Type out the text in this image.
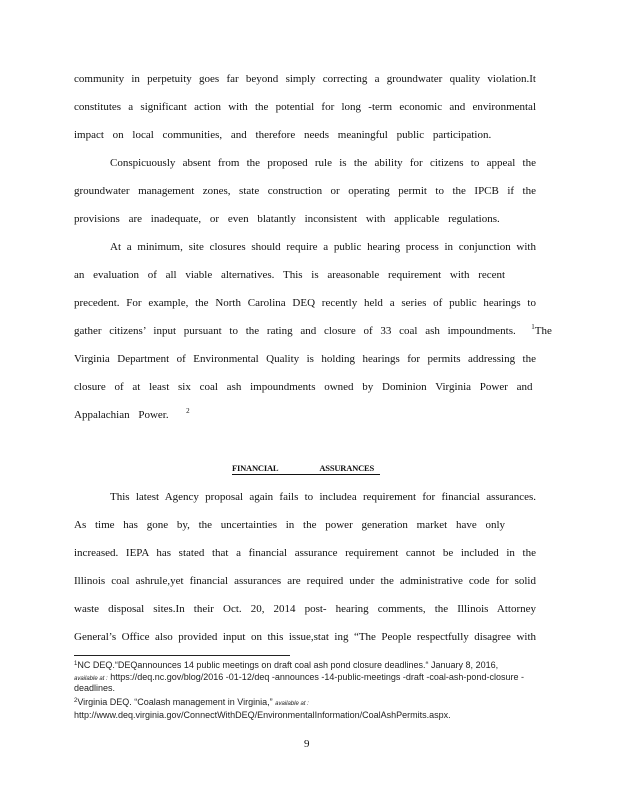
community in perpetuity goes far beyond simply correcting a groundwater quality violation.It
constitutes a significant action with the potential for long -term economic and environmental
impact on local communities, and therefore needs meaningful public participation.
Conspicuously absent from the proposed rule is the ability for citizens to appeal the
groundwater management zones, state construction or operating permit to the IPCB if the
provisions are inadequate, or even blatantly inconsistent with applicable regulations.
At a minimum, site closures should require a public hearing process in conjunction with
an evaluation of all viable alternatives. This is areasonable requirement with recent
precedent. For example, the North Carolina DEQ recently held a series of public hearings to
gather citizens’ input pursuant to the rating and closure of 33 coal ash impoundments. $^1$The
Virginia Department of Environmental Quality is holding hearings for permits addressing the
closure of at least six coal ash impoundments owned by Dominion Virginia Power and
Appalachian Power.	$^2$
FINANCIAL ASSURANCES
This latest Agency proposal again fails to includea requirement for financial assurances.
As time has gone by, the uncertainties in the power generation market have only
increased. IEPA has stated that a financial assurance requirement cannot be included in the
Illinois coal ashrule,yet financial assurances are required under the administrative code for solid
waste disposal sites.In their Oct. 20, 2014 post- hearing comments, the Illinois Attorney
General’s Office also provided input on this issue,stat ing “The People respectfully disagree with
$^1$NC DEQ.“DEQannounces 14 public meetings on draft coal ash pond closure deadlines.“ January 8, 2016,
available at : https://deq.nc.gov/blog/2016 -01-12/deq -announces -14-public-meetings -draft -coal-ash-pond-closure -
deadlines.
$^2$Virginia DEQ. “Coalash management in Virginia,” available at :
http://www.deq.virginia.gov/ConnectWithDEQ/EnvironmentalInformation/CoalAshPermits.aspx.
9
